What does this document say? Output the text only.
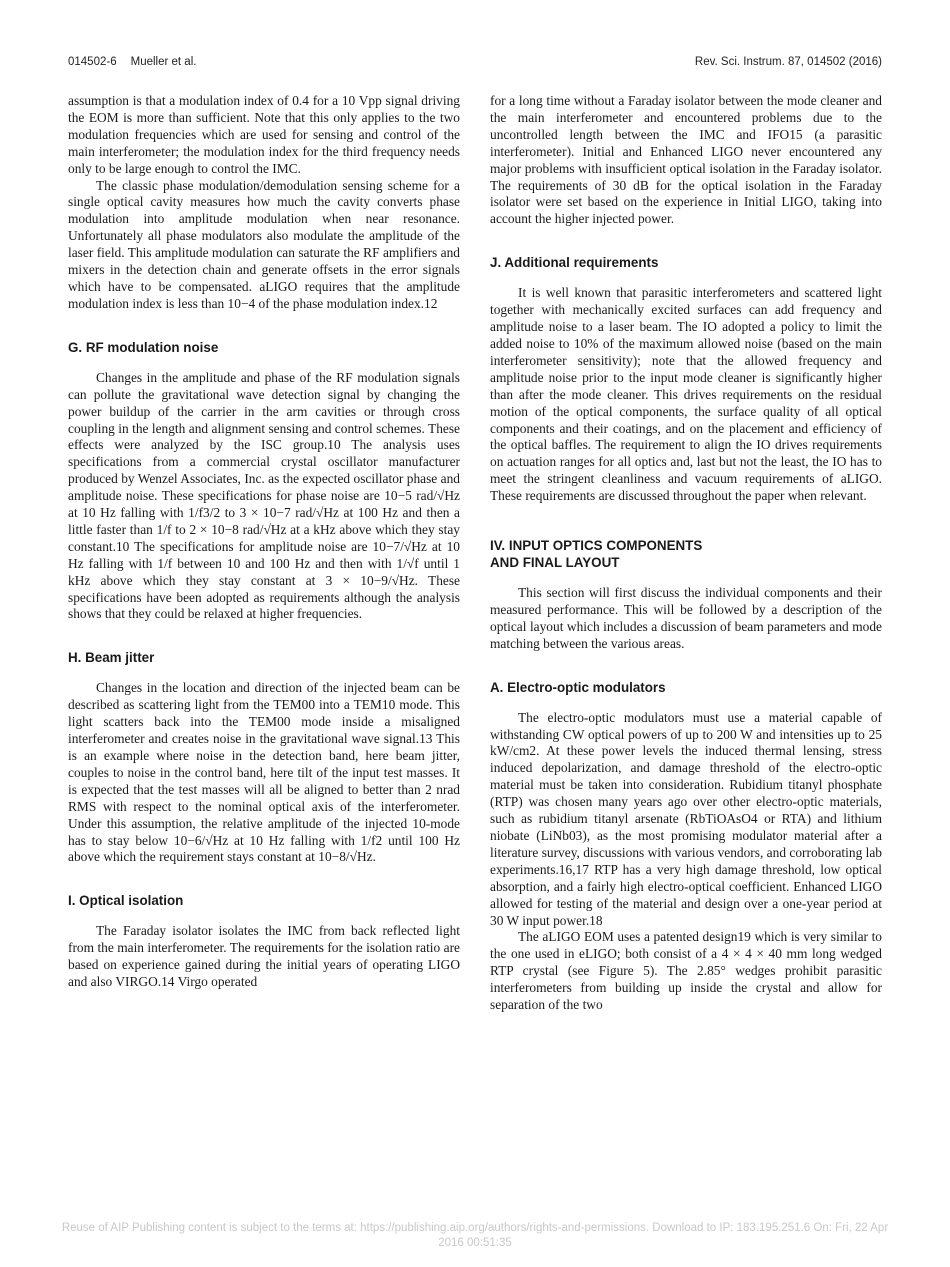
014502-6 Mueller et al.	Rev. Sci. Instrum. 87, 014502 (2016)

assumption is that a modulation index of 0.4 for a 10 Vpp signal driving the EOM is more than sufficient. Note that this only applies to the two modulation frequencies which are used for sensing and control of the main interferometer; the modulation index for the third frequency needs only to be large enough to control the IMC.

The classic phase modulation/demodulation sensing scheme for a single optical cavity measures how much the cavity converts phase modulation into amplitude modulation when near resonance. Unfortunately all phase modulators also modulate the amplitude of the laser field. This amplitude modulation can saturate the RF amplifiers and mixers in the detection chain and generate offsets in the error signals which have to be compensated. aLIGO requires that the amplitude modulation index is less than 10−4 of the phase modulation index.12

G. RF modulation noise

Changes in the amplitude and phase of the RF modulation signals can pollute the gravitational wave detection signal by changing the power buildup of the carrier in the arm cavities or through cross coupling in the length and alignment sensing and control schemes. These effects were analyzed by the ISC group.10 The analysis uses specifications from a commercial crystal oscillator manufacturer produced by Wenzel Associates, Inc. as the expected oscillator phase and amplitude noise. These specifications for phase noise are 10−5 rad/√Hz at 10 Hz falling with 1/f3/2 to 3 × 10−7 rad/√Hz at 100 Hz and then a little faster than 1/f to 2 × 10−8 rad/√Hz at a kHz above which they stay constant.10 The specifications for amplitude noise are 10−7/√Hz at 10 Hz falling with 1/f between 10 and 100 Hz and then with 1/√f until 1 kHz above which they stay constant at 3 × 10−9/√Hz. These specifications have been adopted as requirements although the analysis shows that they could be relaxed at higher frequencies.

H. Beam jitter

Changes in the location and direction of the injected beam can be described as scattering light from the TEM00 into a TEM10 mode. This light scatters back into the TEM00 mode inside a misaligned interferometer and creates noise in the gravitational wave signal.13 This is an example where noise in the detection band, here beam jitter, couples to noise in the control band, here tilt of the input test masses. It is expected that the test masses will all be aligned to better than 2 nrad RMS with respect to the nominal optical axis of the interferometer. Under this assumption, the relative amplitude of the injected 10-mode has to stay below 10−6/√Hz at 10 Hz falling with 1/f2 until 100 Hz above which the requirement stays constant at 10−8/√Hz.

I. Optical isolation

The Faraday isolator isolates the IMC from back reflected light from the main interferometer. The requirements for the isolation ratio are based on experience gained during the initial years of operating LIGO and also VIRGO.14 Virgo operated

for a long time without a Faraday isolator between the mode cleaner and the main interferometer and encountered problems due to the uncontrolled length between the IMC and IFO15 (a parasitic interferometer). Initial and Enhanced LIGO never encountered any major problems with insufficient optical isolation in the Faraday isolator. The requirements of 30 dB for the optical isolation in the Faraday isolator were set based on the experience in Initial LIGO, taking into account the higher injected power.

J. Additional requirements

It is well known that parasitic interferometers and scattered light together with mechanically excited surfaces can add frequency and amplitude noise to a laser beam. The IO adopted a policy to limit the added noise to 10% of the maximum allowed noise (based on the main interferometer sensitivity); note that the allowed frequency and amplitude noise prior to the input mode cleaner is significantly higher than after the mode cleaner. This drives requirements on the residual motion of the optical components, the surface quality of all optical components and their coatings, and on the placement and efficiency of the optical baffles. The requirement to align the IO drives requirements on actuation ranges for all optics and, last but not the least, the IO has to meet the stringent cleanliness and vacuum requirements of aLIGO. These requirements are discussed throughout the paper when relevant.

IV. INPUT OPTICS COMPONENTS
AND FINAL LAYOUT

This section will first discuss the individual components and their measured performance. This will be followed by a description of the optical layout which includes a discussion of beam parameters and mode matching between the various areas.

A. Electro-optic modulators

The electro-optic modulators must use a material capable of withstanding CW optical powers of up to 200 W and intensities up to 25 kW/cm2. At these power levels the induced thermal lensing, stress induced depolarization, and damage threshold of the electro-optic material must be taken into consideration. Rubidium titanyl phosphate (RTP) was chosen many years ago over other electro-optic materials, such as rubidium titanyl arsenate (RbTiOAsO4 or RTA) and lithium niobate (LiNb03), as the most promising modulator material after a literature survey, discussions with various vendors, and corroborating lab experiments.16,17 RTP has a very high damage threshold, low optical absorption, and a fairly high electro-optical coefficient. Enhanced LIGO allowed for testing of the material and design over a one-year period at 30 W input power.18

The aLIGO EOM uses a patented design19 which is very similar to the one used in eLIGO; both consist of a 4 × 4 × 40 mm long wedged RTP crystal (see Figure 5). The 2.85° wedges prohibit parasitic interferometers from building up inside the crystal and allow for separation of the two

Reuse of AIP Publishing content is subject to the terms at: https://publishing.aip.org/authors/rights-and-permissions. Download to IP: 183.195.251.6 On: Fri, 22 Apr
2016 00:51:35
